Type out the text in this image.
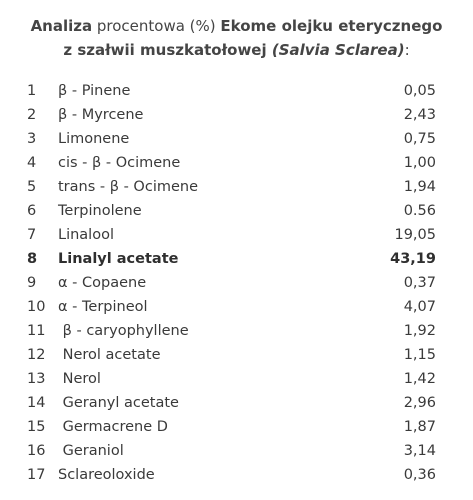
Analiza procentowa (%) Ekome olejku eterycznego
z szałwii muszkatołowej (Salvia Sclarea):
1 β - Pinene	0,05
2 β - Myrcene	2,43
3 Limonene	0,75
4 cis - β - Ocimene	1,00
5 trans - β - Ocimene	1,94
6 Terpinolene	0.56
7 Linalool	19,05
8 Linalyl acetate	43,19
9 α - Copaene	0,37
10 α - Terpineol	4,07
11 β - caryophyllene	1,92
12 Nerol acetate	1,15
13 Nerol	1,42
14 Geranyl acetate	2,96
15 Germacrene D	1,87
16 Geraniol	3,14
17 Sclareoloxide	0,36
